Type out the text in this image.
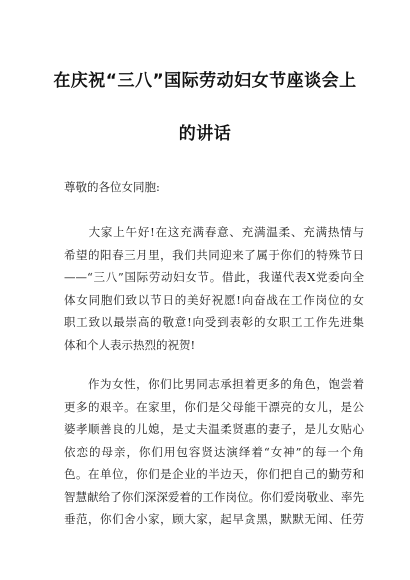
在庆祝“三八”国际劳动妇女节座谈会上
的讲话
尊敬的各位女同胞:
　　大家上午好!在这充满春意、充满温柔、充满热情与
希望的阳春三月里，我们共同迎来了属于你们的特殊节日
——“三八”国际劳动妇女节。借此，我谨代表X党委向全
体女同胞们致以节日的美好祝愿!向奋战在工作岗位的女
职工致以最崇高的敬意!向受到表彰的女职工工作先进集
体和个人表示热烈的祝贺!
　　作为女性，你们比男同志承担着更多的角色，饱尝着
更多的艰辛。在家里，你们是父母能干漂亮的女儿，是公
婆孝顺善良的儿媳，是丈夫温柔贤惠的妻子，是儿女贴心
依恋的母亲，你们用包容贤达演绎着“女神”的每一个角
色。在单位，你们是企业的半边天，你们把自己的勤劳和
智慧献给了你们深深爱着的工作岗位。你们爱岗敬业、率先
垂范，你们舍小家，顾大家，起早贪黑，默默无闻、任劳
